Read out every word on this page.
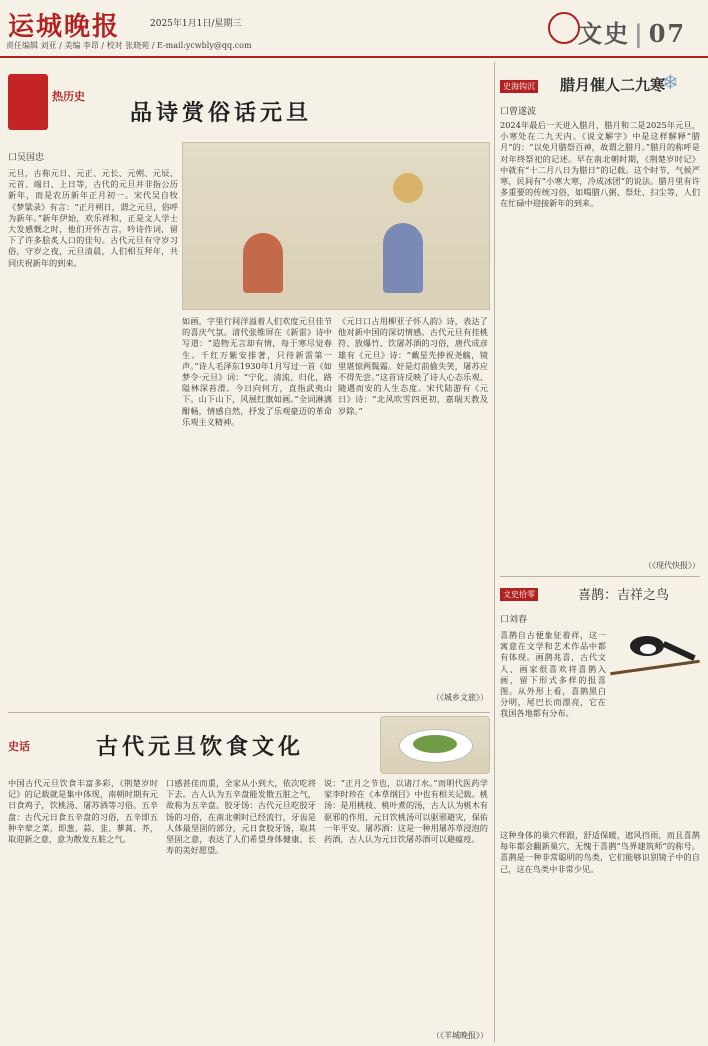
运城晚报	2025年1月1日/星期三
责任编辑 刘亚 / 美编 李昂 / 校对 张晓苑 / E-mail:ycwbly@qq.com	文史 | 07
热历史
品诗赏俗话元旦
口吴国忠
元旦，古称元日、元正、元长、元朔、元辰、元首、端日、上日等，古代的元旦并非指公历新年，而是农历新年正月初一。宋代吴自牧《梦粱录》有言：“正月朔日，谓之元旦，俗呼为新年。”新年伊始，欢乐祥和，正是文人学士大发感慨之时，他们开怀吉言，吟诗作词，留下了许多脍炙人口的佳句。古代元旦有守岁习俗，守岁之夜，元旦清晨，人们相互拜年，共同庆祝新年的到来。
如画，字里行间洋溢着人们欢度元旦佳节的喜庆气氛。清代张维屏在《新雷》诗中写道：“造物无言却有情，每于寒尽觉春生。千红万紫安排著，只待新雷第一声。”诗人毛泽东1930年1月写过一首《如梦令·元旦》词：“宁化、清流、归化，路隘林深苔滑。今日向何方，直指武夷山下。山下山下，风展红旗如画。”全词淋漓酣畅，情感自然，抒发了乐观豪迈的革命乐观主义精神。
《元日口占用柳亚子怀人韵》诗，表达了他对新中国的深切情感。古代元旦有挂桃符、放爆竹、饮屠苏酒的习俗，唐代成彦雄有《元旦》诗：“戴星先捧祝尧觞，镜里堪惊两鬓霜。好是灯前偷失笑，屠苏应不得先尝。”这首诗反映了诗人心态乐观、随遇而安的人生态度。宋代陆游有《元日》诗：“北风吹雪四更初，嘉瑞天教及岁除。”
（《城乡文旅》）
史话	古代元旦饮食文化
中国古代元旦饮食丰富多彩，《荆楚岁时记》的记载就是集中体现，南朝时期有元日食鸡子，饮桃汤、屠苏酒等习俗。五辛盘：古代元日食五辛盘的习俗，五辛即五种辛荤之菜，即葱、蒜、韭、蓼蒿、芥，取迎新之意，意为散发五脏之气。
口感甚佳而重，全家从小到大，依次吃将下去。古人认为五辛盘能发散五脏之气，故称为五辛盘。胶牙饧：古代元旦吃胶牙饧的习俗，在南北朝时已经流行，牙齿是人体最坚固的部分，元日食胶牙饧，取其坚固之意，表达了人们希望身体健康、长寿的美好愿望。
说：“正月之节也，以诸汀水。”而明代医药学家李时珍在《本草纲目》中也有相关记载。桃汤：是用桃枝、桃叶煮的汤，古人认为桃木有驱邪的作用，元日饮桃汤可以驱邪避灾，保佑一年平安。屠苏酒：这是一种用屠苏草浸泡的药酒，古人认为元日饮屠苏酒可以避瘟疫。
（《羊城晚报》）
史海钩沉 腊月催人二九寒
❄
口曾遂波
2024年最后一天进入腊月，腊月和二是2025年元旦，小寒处在二九天内。《说文解字》中是这样解释“腊月”的：“以免月腊祭百神，故谓之腊月。”腊月的称呼是对年终祭祀的记述。早在南北朝时期，《荆楚岁时记》中就有“十二月八日为腊日”的记载。这个时节，气候严寒，民间有“小寒大寒，冷成冰团”的说法。腊月里有许多重要的传统习俗，如喝腊八粥、祭灶、扫尘等，人们在忙碌中迎接新年的到来。
（《现代快报》）
文史拾零	喜鹊：吉祥之鸟
口刘春
喜鹊自古便象征着祥，这一寓意在文学和艺术作品中都有体现。画鹊兆喜，古代文人、画家很喜欢将喜鹊入画，留下形式多样的报喜图。从外形上看，喜鹊黑白分明，尾巴长而漂亮，它在我国各地都有分布。
这种身体的巢穴样跟，舒适保暖，遮风挡雨，而且喜鹊每年都会翻新巢穴，无愧于喜鹊“鸟界建筑师”的称号。喜鹊是一种非常聪明的鸟类，它们能够识别镜子中的自己，这在鸟类中非常少见。
